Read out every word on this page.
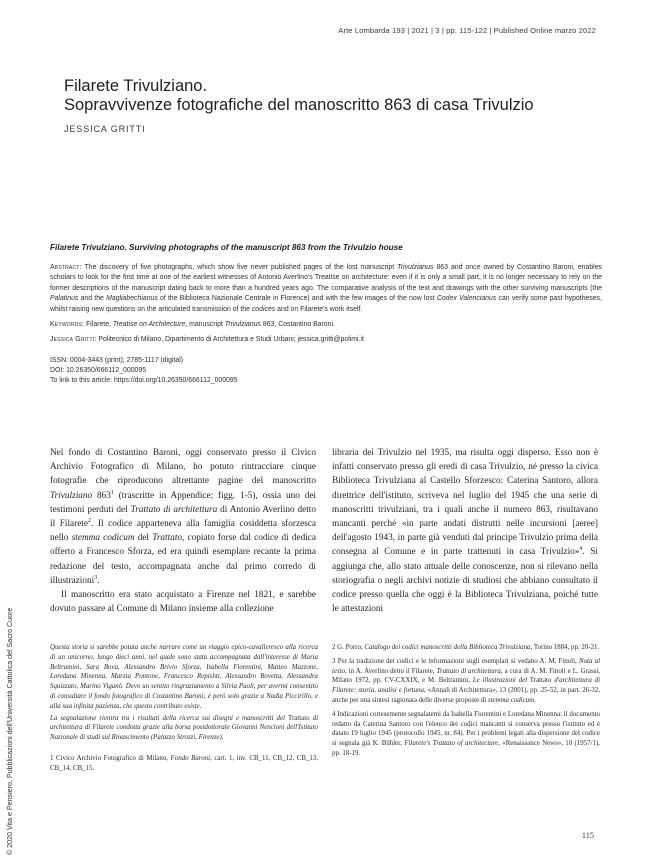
Arte Lombarda 193 | 2021 | 3 | pp. 115-122 | Published Online marzo 2022
Filarete Trivulziano.
Sopravvivenze fotografiche del manoscritto 863 di casa Trivulzio
JESSICA GRITTI
Filarete Trivulziano. Surviving photographs of the manuscript 863 from the Trivulzio house

Abstract: The discovery of five photographs, which show five never published pages of the lost manuscript Trivulzianus 863 and once owned by Costantino Baroni, enables scholars to look for the first time at one of the earliest witnesses of Antonio Averlino's Treatise on architecture: even if it is only a small part, it is no longer necessary to rely on the former descriptions of the manuscript dating back to more than a hundred years ago. The comparative analysis of the text and drawings with the other surviving manuscripts (the Palatinus and the Magliabechianus of the Biblioteca Nazionale Centrale in Florence) and with the few images of the now lost Codex Valencianus can verify some past hypotheses, whilst raising new questions on the articulated transmission of the codices and on Filarete's work itself.

Keywords: Filarete, Treatise on Architecture, manuscript Trivulzianus 863, Costantino Baroni.

Jessica Gritti: Politecnico di Milano, Dipartimento di Architettura e Studi Urbani; jessica.gritti@polimi.it

ISSN: 0004-3443 (print); 2785-1117 (digital)

DOI: 10.26350/666112_000095

To link to this article: https://doi.org/10.26350/666112_000095

Nel fondo di Costantino Baroni, oggi conservato presso il Civico Archivio Fotografico di Milano, ho potuto rintracciare cinque fotografie che riproducono altrettante pagine del manoscritto Trivulziano $863^1$ (trascritte in Appendice; figg. 1-5), ossia uno dei testimoni perduti del Trattato di architettura di Antonio Averlino detto il Filarete$^2$. Il codice apparteneva alla famiglia cosiddetta sforzesca nello stemma codicum del Trattato, copiato forse dal codice di dedica offerto a Francesco Sforza, ed era quindi esemplare recante la prima redazione del testo, accompagnata anche dal primo corredo di illustrazioni$^3$.

Il manoscritto era stato acquistato a Firenze nel 1821, e sarebbe dovuto passare al Comune di Milano insieme alla collezione

libraria dei Trivulzio nel 1935, ma risulta oggi disperso. Esso non è infatti conservato presso gli eredi di casa Trivulzio, né presso la civica Biblioteca Trivulziana al Castello Sforzesco: Caterina Santoro, allora direttrice dell'istituto, scriveva nel luglio del 1945 che una serie di manoscritti trivulziani, tra i quali anche il numero 863, risultavano mancanti perché «in parte andati distrutti nelle incursioni [aeree] dell'agosto 1943, in parte già venduti dal principe Trivulzio prima della consegna al Comune e in parte trattenuti in casa Trivulzio»$^4$. Si aggiunga che, allo stato attuale delle conoscenze, non si rilevano nella storiografia o negli archivi notizie di studiosi che abbiano consultato il codice presso quella che oggi è la Biblioteca Trivulziana, poiché tutte le attestazioni

Questa storia si sarebbe potuta anche narrare come un viaggio epico-cavalleresco alla ricerca di un unicorno, lungo dieci anni, nel quale sono stata accompagnata dall'interesse di Maria Beltramini, Sara Bova, Alessandro Brivio Sforza, Isabella Fiorentini, Matteo Mazzone, Loredana Minenna, Marzia Pontone, Francesco Repishti, Alessandro Rovetta, Alessandra Squizzato, Marino Viganò. Devo un sentito ringraziamento a Silvia Paoli, per avermi consentito di consultare il fondo fotografico di Costantino Baroni; è però solo grazie a Nadia Piccirillo, e alla sua infinita pazienza, che questo contributo esiste.

La segnalazione rientra tra i risultati della ricerca sui disegni e manoscritti del Trattato di architettura di Filarete condotta grazie alla borsa postdottorale Giovanni Nencioni dell'Istituto Nazionale di studi sul Rinascimento (Palazzo Strozzi, Firenze).

1 Civico Archivio Fotografico di Milano, Fondo Baroni, cart. 1, inv. CB_11, CB_12, CB_13, CB_14, CB_15.

2 G. Porro, Catalogo dei codici manoscritti della Biblioteca Trivulziana, Torino 1884, pp. 20-21.

3 Per la tradizione dei codici e le informazioni sugli esemplari si vedano A. M. Finoli, Nota al testo, in A. Averlino detto il Filarete, Trattato di architettura, a cura di A. M. Finoli e L. Grassi, Milano 1972, pp. CV-CXXIX, e M. Beltramini, Le illustrazioni del Trattato d'architettura di Filarete: storia, analisi e fortuna, «Annali di Architettura», 13 (2001), pp. 25-52, in part. 26-32, anche per una sintesi ragionata delle diverse proposte di stemma codicum.

4 Indicazioni cortesemente segnalatemi da Isabella Fiorentini e Loredana Minenna: il documento redatto da Caterina Santoro con l'elenco dei codici mancanti si conserva presso l'istituto ed è datato 19 luglio 1945 (protocollo 1945, nr. 84). Per i problemi legati alla dispersione del codice si segnala già K. Bühler, Filarete's Trattato of architecture, «Renaissance News», 10 (1957/1), pp. 18-19.

© 2020 Vita e Pensiero, Pubblicazioni dell'Università Cattolica del Sacro Cuore	115
